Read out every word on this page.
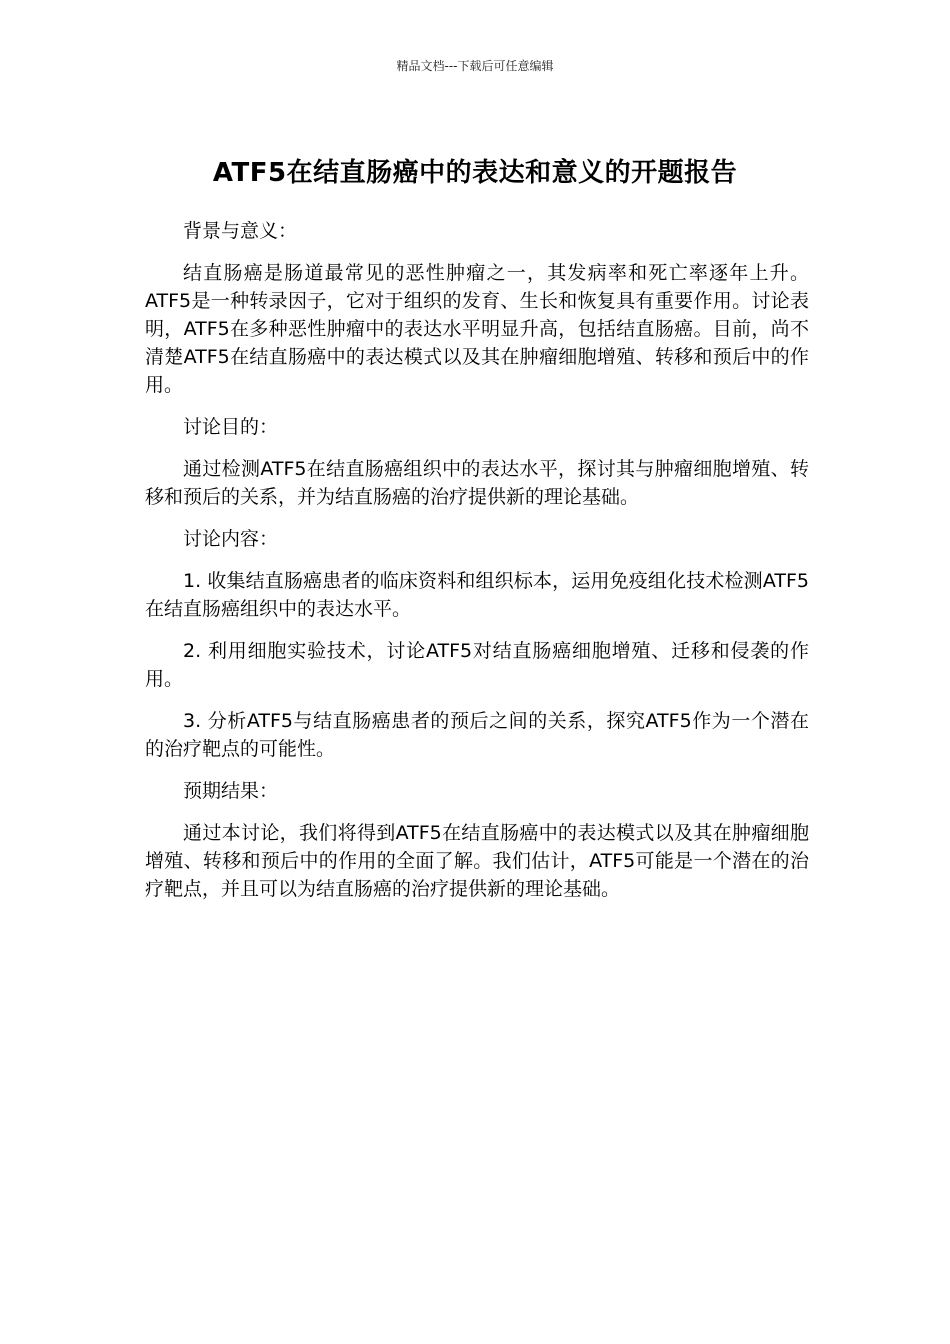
精品文档---下载后可任意编辑
ATF5在结直肠癌中的表达和意义的开题报告

背景与意义：

结直肠癌是肠道最常见的恶性肿瘤之一，其发病率和死亡率逐年上升。ATF5是一种转录因子，它对于组织的发育、生长和恢复具有重要作用。讨论表明，ATF5在多种恶性肿瘤中的表达水平明显升高，包括结直肠癌。目前，尚不清楚ATF5在结直肠癌中的表达模式以及其在肿瘤细胞增殖、转移和预后中的作用。

讨论目的：

通过检测ATF5在结直肠癌组织中的表达水平，探讨其与肿瘤细胞增殖、转移和预后的关系，并为结直肠癌的治疗提供新的理论基础。

讨论内容：

1. 收集结直肠癌患者的临床资料和组织标本，运用免疫组化技术检测ATF5在结直肠癌组织中的表达水平。

2. 利用细胞实验技术，讨论ATF5对结直肠癌细胞增殖、迁移和侵袭的作用。

3. 分析ATF5与结直肠癌患者的预后之间的关系，探究ATF5作为一个潜在的治疗靶点的可能性。

预期结果：

通过本讨论，我们将得到ATF5在结直肠癌中的表达模式以及其在肿瘤细胞增殖、转移和预后中的作用的全面了解。我们估计，ATF5可能是一个潜在的治疗靶点，并且可以为结直肠癌的治疗提供新的理论基础。
